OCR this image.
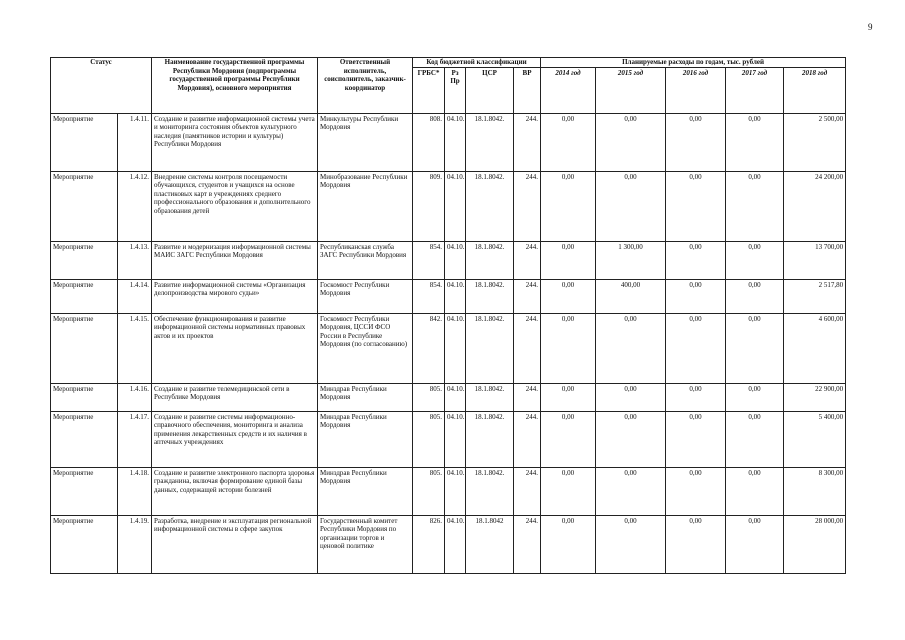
9
Статус		Наименование государственной программы Республики Мордовия (подпрограммы государственной программы Республики Мордовия), основного мероприятия	Ответственный исполнитель, соисполнитель, заказчик-координатор	Код бюджетной классификации				Планируемые расходы по годам, тыс. рублей				
				ГРБС*	Рз Пр	ЦСР	ВР	2014 год	2015 год	2016 год	2017 год	2018 год
Мероприятие	1.4.11.	Создание и развитие информационной системы учета и мониторинга состояния объектов культурного наследия (памятников истории и культуры) Республики Мордовия	Минкультуры Республики Мордовия	808.	04.10.	18.1.8042.	244.	0,00	0,00	0,00	0,00	2 500,00
Мероприятие	1.4.12.	Внедрение системы контроля посещаемости обучающихся, студентов и учащихся на основе пластиковых карт в учреждениях среднего профессионального образования и дополнительного образования детей	Минобразование Республики Мордовия	809.	04.10.	18.1.8042.	244.	0,00	0,00	0,00	0,00	24 200,00
Мероприятие	1.4.13.	Развитие и модернизация информационной системы МАИС ЗАГС Республики Мордовия	Республиканская служба ЗАГС Республики Мордовия	854.	04.10.	18.1.8042.	244.	0,00	1 300,00	0,00	0,00	13 700,00
Мероприятие	1.4.14.	Развитие информационной системы «Организация делопроизводства мирового судьи»	Госкомюст Республики Мордовия	854.	04.10.	18.1.8042.	244.	0,00	400,00	0,00	0,00	2 517,80
Мероприятие	1.4.15.	Обеспечение функционирования и развитие информационной системы нормативных правовых актов и их проектов	Госкомюст Республики Мордовия, ЦССИ ФСО России в Республике Мордовия (по согласованию)	842.	04.10.	18.1.8042.	244.	0,00	0,00	0,00	0,00	4 600,00
Мероприятие	1.4.16.	Создание и развитие телемедицинской сети в Республике Мордовия	Минздрав Республики Мордовия	805.	04.10.	18.1.8042.	244.	0,00	0,00	0,00	0,00	22 900,00
Мероприятие	1.4.17.	Создание и развитие системы информационно-справочного обеспечения, мониторинга и анализа применения лекарственных средств и их наличия в аптечных учреждениях	Минздрав Республики Мордовия	805.	04.10.	18.1.8042.	244.	0,00	0,00	0,00	0,00	5 400,00
Мероприятие	1.4.18.	Создание и развитие электронного паспорта здоровья гражданина, включая формирование единой базы данных, содержащей истории болезней	Минздрав Республики Мордовия	805.	04.10.	18.1.8042.	244.	0,00	0,00	0,00	0,00	8 300,00
Мероприятие	1.4.19.	Разработка, внедрение и эксплуатация региональной информационной системы в сфере закупок	Государственный комитет Республики Мордовия по организации торгов и ценовой политике	826.	04.10.	18.1.8042	244.	0,00	0,00	0,00	0,00	28 000,00
